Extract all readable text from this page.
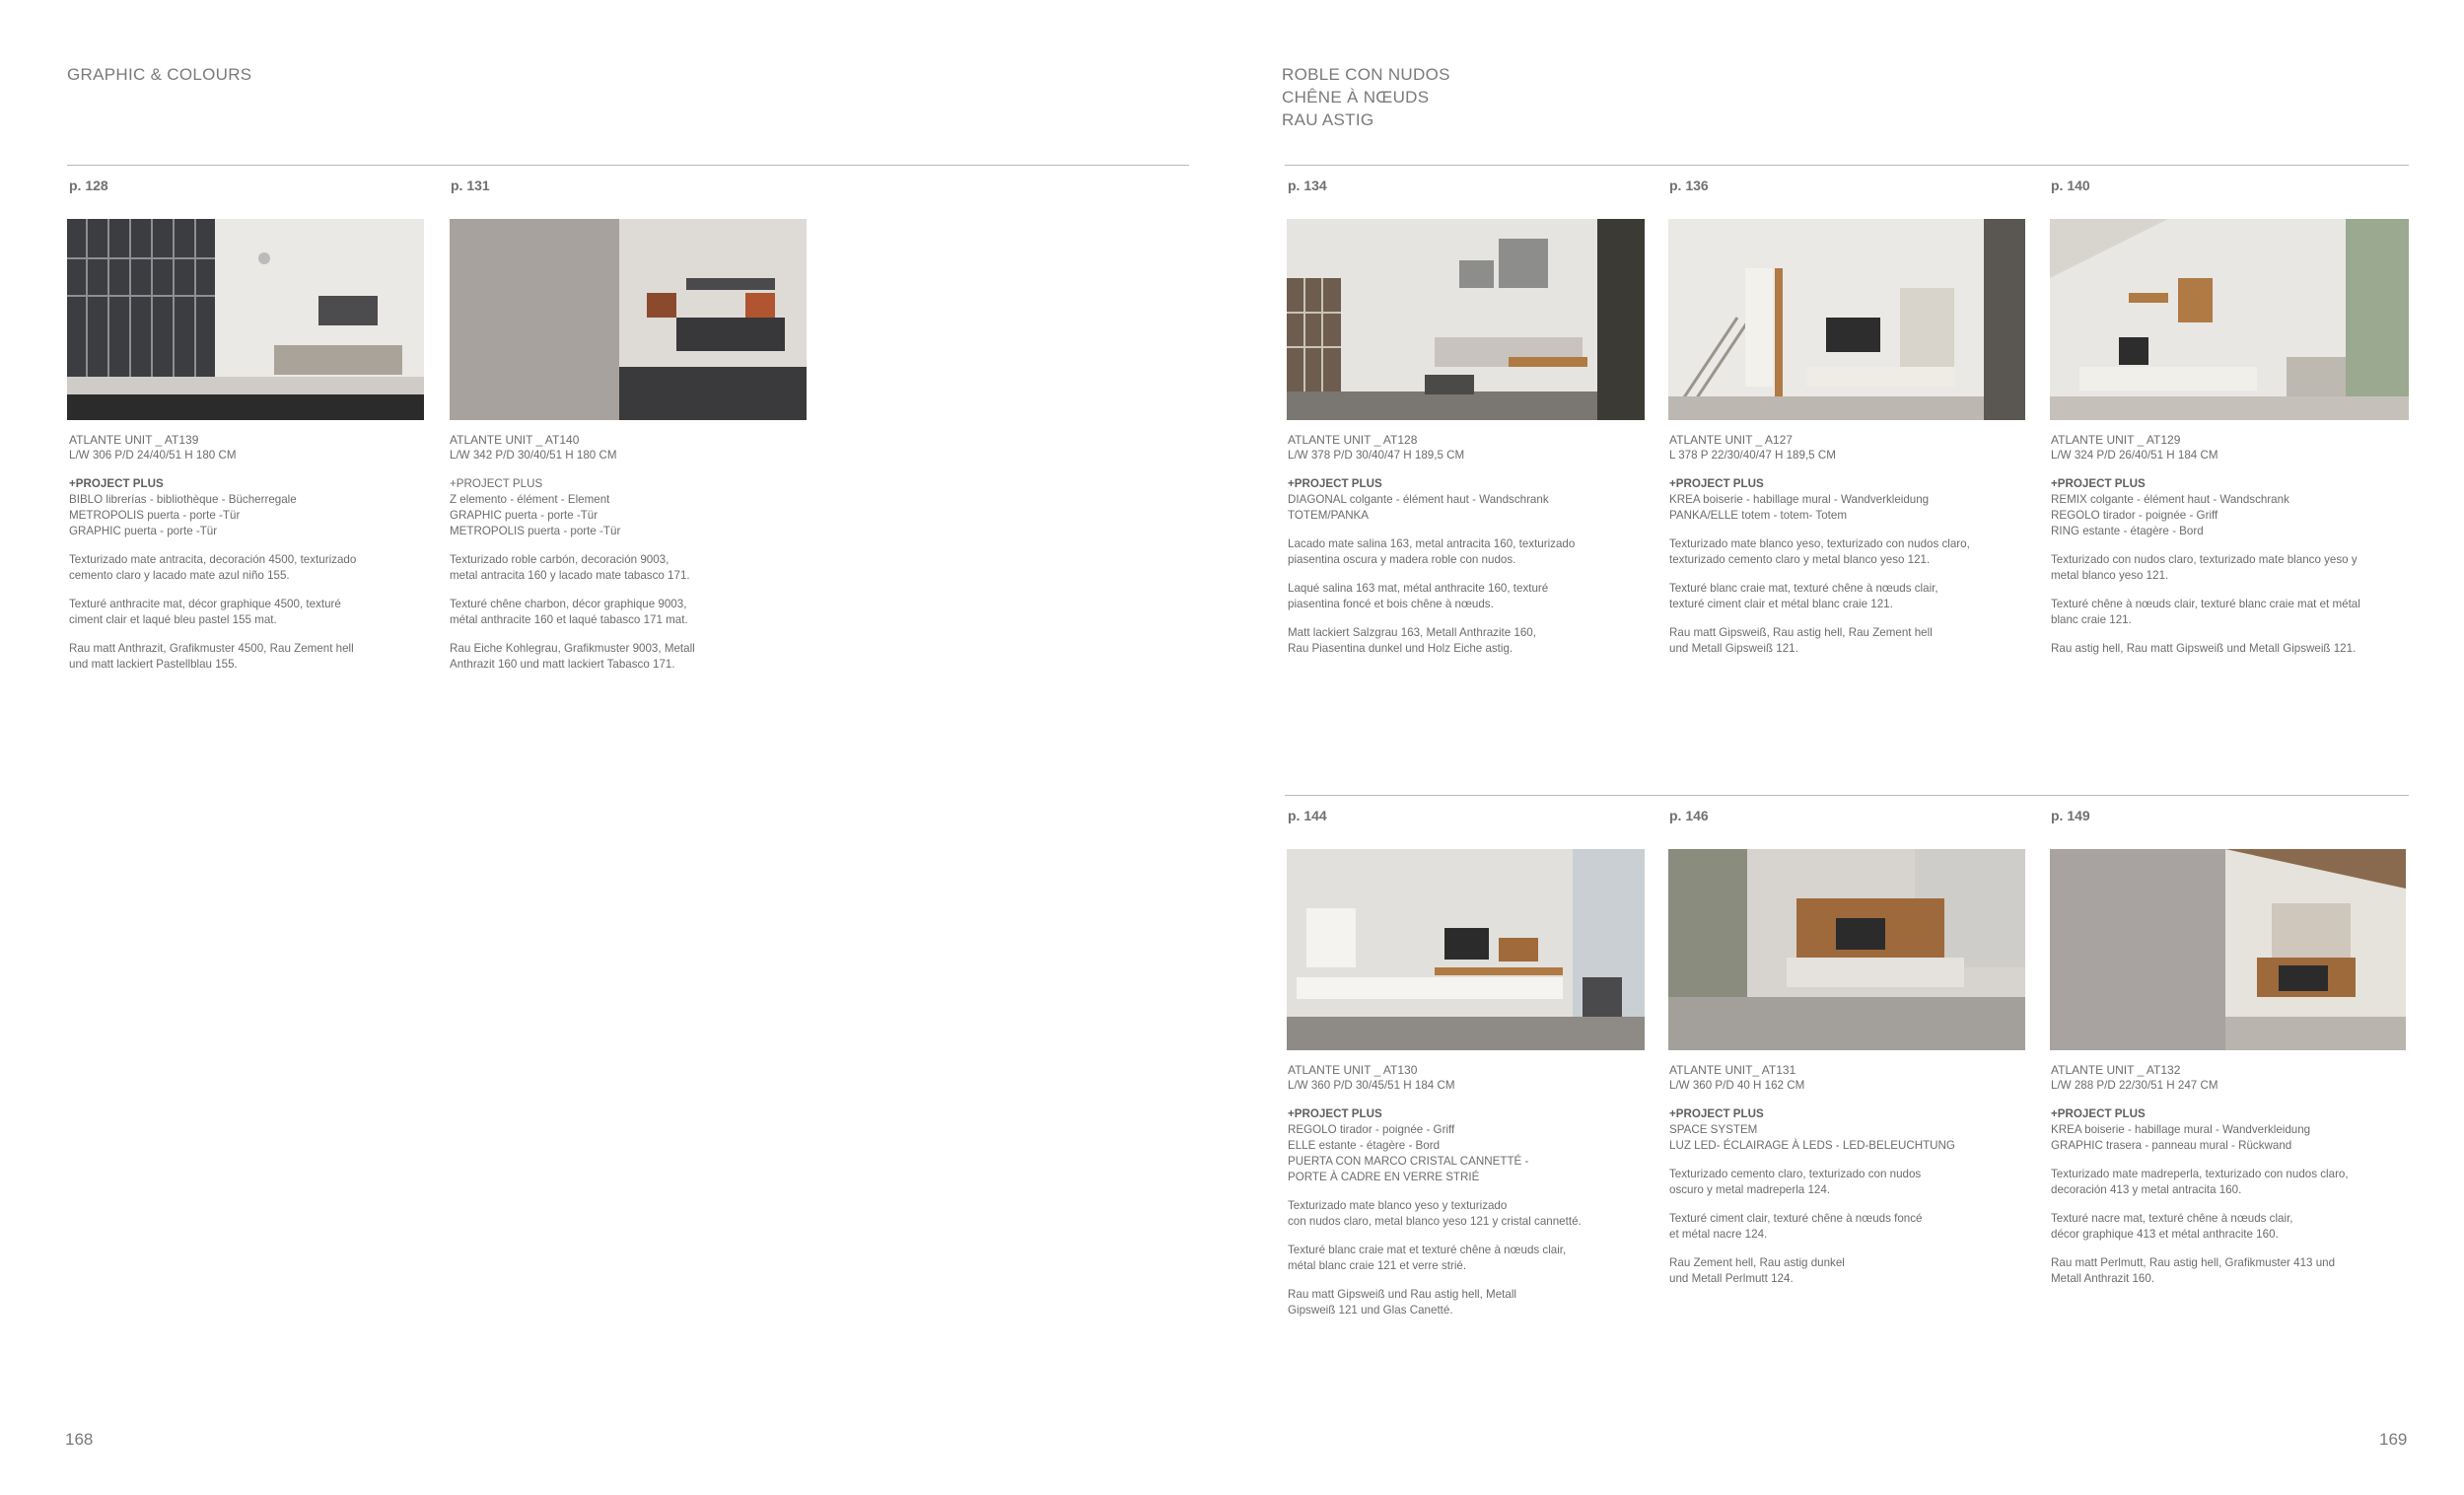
GRAPHIC & COLOURS
p. 128
ATLANTE UNIT _ AT139
L/W 306 P/D 24/40/51 H 180 CM
+PROJECT PLUS
BIBLO librerías - bibliothèque - Bücherregale
METROPOLIS puerta - porte -Tür
GRAPHIC puerta - porte -Tür
Texturizado mate antracita, decoración 4500, texturizado
cemento claro y lacado mate azul niño 155.
Texturé anthracite mat, décor graphique 4500, texturé
ciment clair et laqué bleu pastel 155 mat.
Rau matt Anthrazit, Grafikmuster 4500, Rau Zement hell
und matt lackiert Pastellblau 155.
p. 131
ATLANTE UNIT _ AT140
L/W 342 P/D 30/40/51 H 180 CM
+PROJECT PLUS
Z elemento - élément - Element
GRAPHIC puerta - porte -Tür
METROPOLIS puerta - porte -Tür
Texturizado roble carbón, decoración 9003,
metal antracita 160 y lacado mate tabasco 171.
Texturé chêne charbon, décor graphique 9003,
métal anthracite 160 et laqué tabasco 171 mat.
Rau Eiche Kohlegrau, Grafikmuster 9003, Metall
Anthrazit 160 und matt lackiert Tabasco 171.
168
ROBLE CON NUDOS
CHÊNE À NŒUDS
RAU ASTIG
p. 134
ATLANTE UNIT _ AT128
L/W 378 P/D 30/40/47 H 189,5 CM
+PROJECT PLUS
DIAGONAL colgante - élément haut - Wandschrank
TOTEM/PANKA
Lacado mate salina 163, metal antracita 160, texturizado
piasentina oscura y madera roble con nudos.
Laqué salina 163 mat, métal anthracite 160, texturé
piasentina foncé et bois chêne à nœuds.
Matt lackiert Salzgrau 163, Metall Anthrazite 160,
Rau Piasentina dunkel und Holz Eiche astig.
p. 136
ATLANTE UNIT _ A127
L 378 P 22/30/40/47 H 189,5 CM
+PROJECT PLUS
KREA boiserie - habillage mural - Wandverkleidung
PANKA/ELLE totem - totem- Totem
Texturizado mate blanco yeso, texturizado con nudos claro,
texturizado cemento claro y metal blanco yeso 121.
Texturé blanc craie mat, texturé chêne à nœuds clair,
texturé ciment clair et métal blanc craie 121.
Rau matt Gipsweiß, Rau astig hell, Rau Zement hell
und Metall Gipsweiß 121.
p. 140
ATLANTE UNIT _ AT129
L/W 324 P/D 26/40/51 H 184 CM
+PROJECT PLUS
REMIX colgante - élément haut - Wandschrank
REGOLO tirador - poignée - Griff
RING estante - étagère - Bord
Texturizado con nudos claro, texturizado mate blanco yeso y
metal blanco yeso 121.
Texturé chêne à nœuds clair, texturé blanc craie mat et métal
blanc craie 121.
Rau astig hell, Rau matt Gipsweiß und Metall Gipsweiß 121.
p. 144
ATLANTE UNIT _ AT130
L/W 360 P/D 30/45/51 H 184 CM
+PROJECT PLUS
REGOLO tirador - poignée - Griff
ELLE estante - étagère - Bord
PUERTA CON MARCO CRISTAL CANNETTÉ -
PORTE À CADRE EN VERRE STRIÉ
Texturizado mate blanco yeso y texturizado
con nudos claro, metal blanco yeso 121 y cristal cannetté.
Texturé blanc craie mat et texturé chêne à nœuds clair,
métal blanc craie 121 et verre strié.
Rau matt Gipsweiß und Rau astig hell, Metall
Gipsweiß 121 und Glas Canetté.
p. 146
ATLANTE UNIT_ AT131
L/W 360 P/D 40 H 162 CM
+PROJECT PLUS
SPACE SYSTEM
LUZ LED- ÉCLAIRAGE À LEDS - LED-BELEUCHTUNG
Texturizado cemento claro, texturizado con nudos
oscuro y metal madreperla 124.
Texturé ciment clair, texturé chêne à nœuds foncé
et métal nacre 124.
Rau Zement hell, Rau astig dunkel
und Metall Perlmutt 124.
p. 149
ATLANTE UNIT _ AT132
L/W 288 P/D 22/30/51 H 247 CM
+PROJECT PLUS
KREA boiserie - habillage mural - Wandverkleidung
GRAPHIC trasera - panneau mural - Rückwand
Texturizado mate madreperla, texturizado con nudos claro,
decoración 413 y metal antracita 160.
Texturé nacre mat, texturé chêne à nœuds clair,
décor graphique 413 et métal anthracite 160.
Rau matt Perlmutt, Rau astig hell, Grafikmuster 413 und
Metall Anthrazit 160.
169
